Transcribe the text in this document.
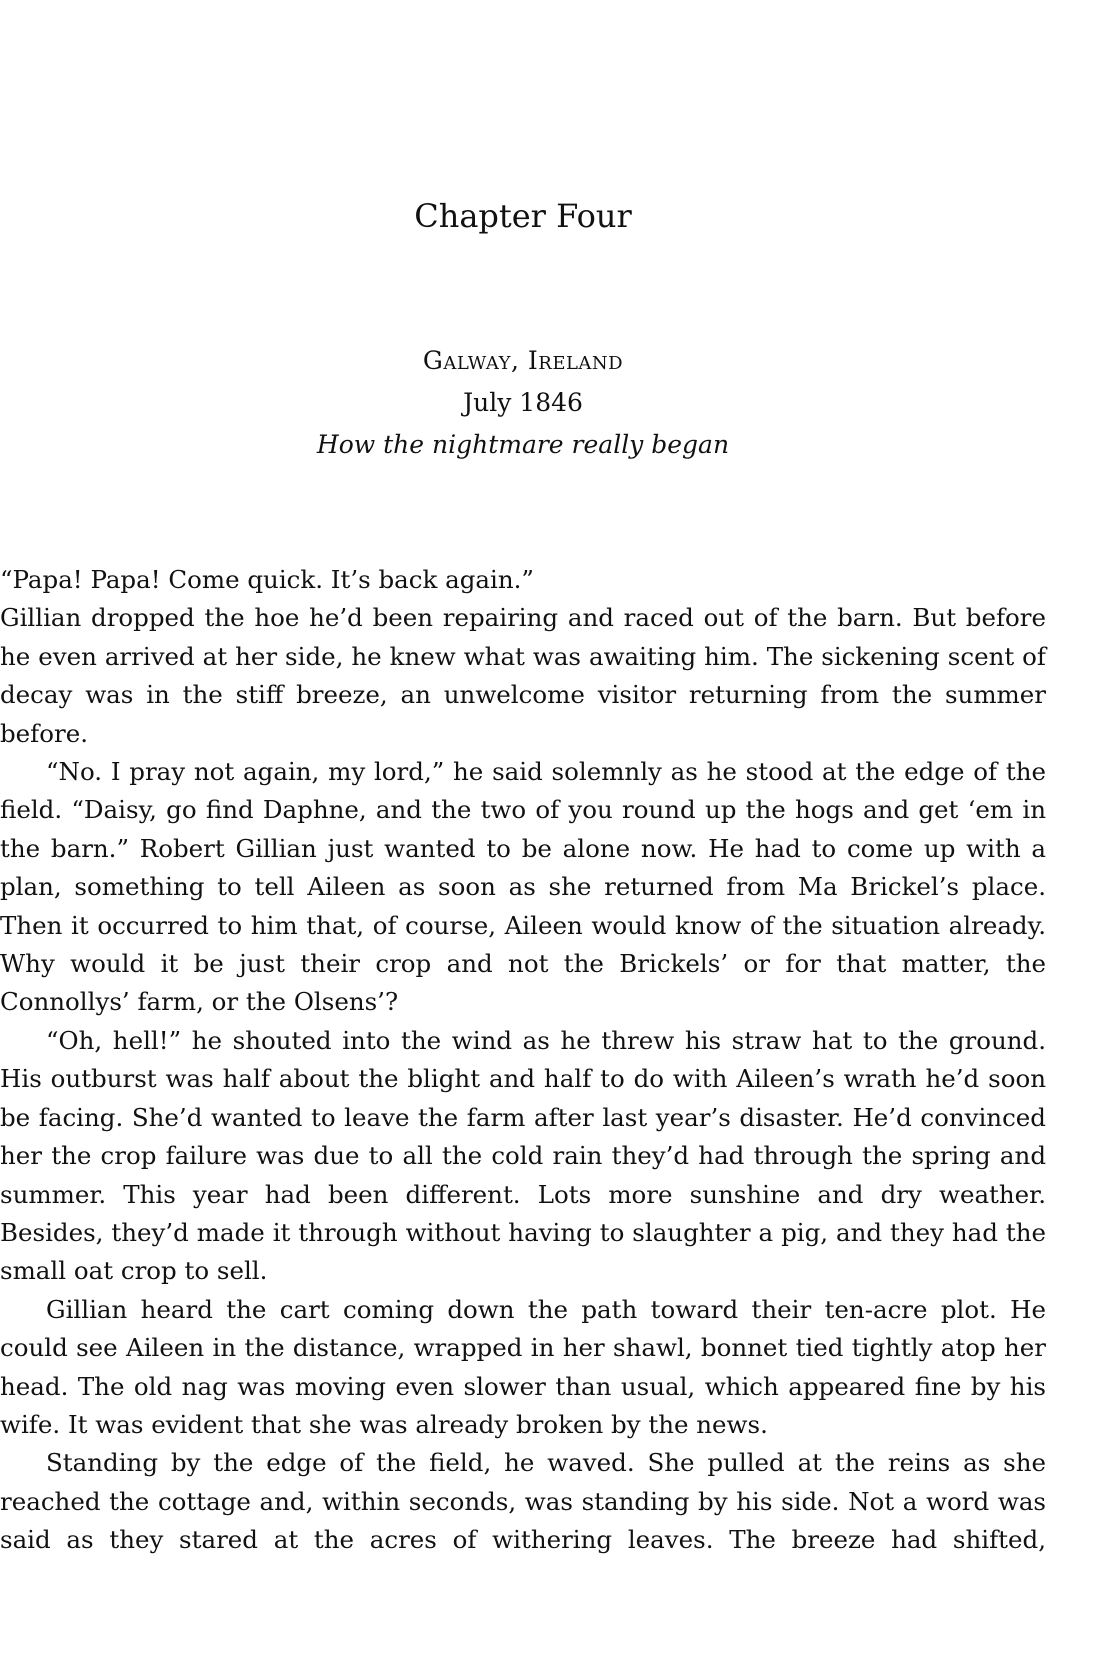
Chapter Four
Galway, Ireland
July 1846
How the nightmare really began

“Papa! Papa! Come quick. It’s back again.”

Gillian dropped the hoe he’d been repairing and raced out of the barn. But before he even arrived at her side, he knew what was awaiting him. The sickening scent of decay was in the stiff breeze, an unwelcome visitor returning from the summer before.

“No. I pray not again, my lord,” he said solemnly as he stood at the edge of the field. “Daisy, go find Daphne, and the two of you round up the hogs and get ‘em in the barn.” Robert Gillian just wanted to be alone now. He had to come up with a plan, something to tell Aileen as soon as she returned from Ma Brickel’s place. Then it occurred to him that, of course, Aileen would know of the situation already. Why would it be just their crop and not the Brickels’ or for that matter, the Connollys’ farm, or the Olsens’?

“Oh, hell!” he shouted into the wind as he threw his straw hat to the ground. His outburst was half about the blight and half to do with Aileen’s wrath he’d soon be facing. She’d wanted to leave the farm after last year’s disaster. He’d convinced her the crop failure was due to all the cold rain they’d had through the spring and summer. This year had been different. Lots more sunshine and dry weather. Besides, they’d made it through without having to slaughter a pig, and they had the small oat crop to sell.

Gillian heard the cart coming down the path toward their ten-acre plot. He could see Aileen in the distance, wrapped in her shawl, bonnet tied tightly atop her head. The old nag was moving even slower than usual, which appeared fine by his wife. It was evident that she was already broken by the news.

Standing by the edge of the field, he waved. She pulled at the reins as she reached the cottage and, within seconds, was standing by his side. Not a word was said as they stared at the acres of withering leaves. The breeze had shifted,
